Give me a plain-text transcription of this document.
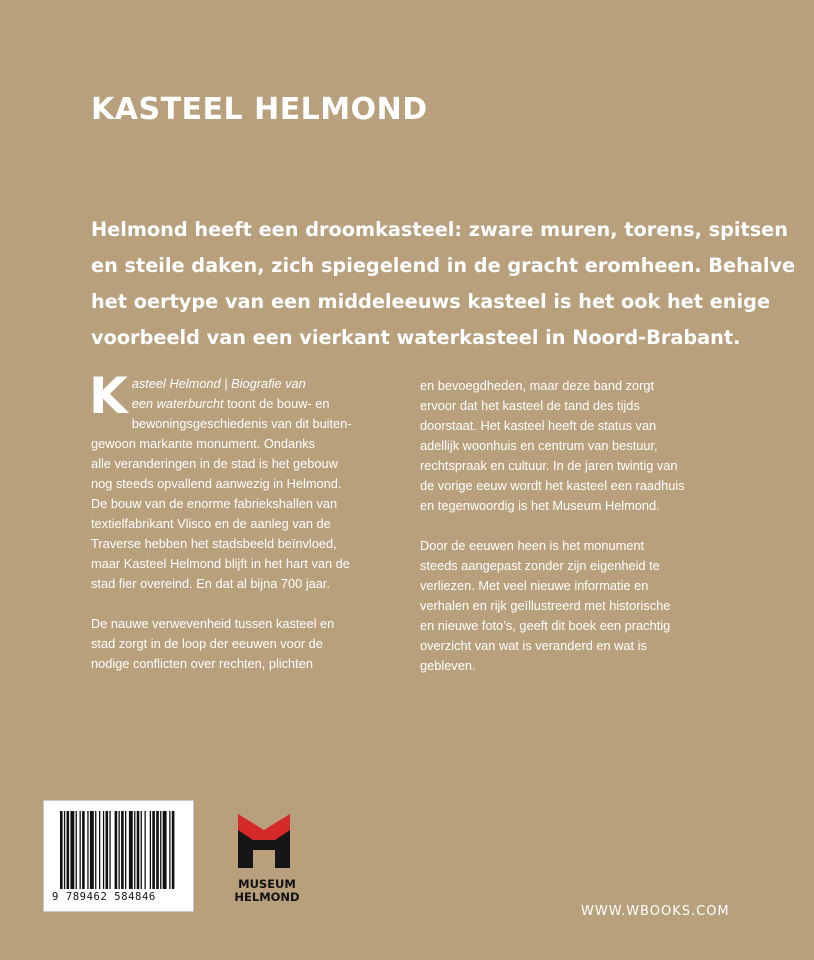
KASTEEL HELMOND
Helmond heeft een droomkasteel: zware muren, torens, spitsen
en steile daken, zich spiegelend in de gracht eromheen. Behalve
het oertype van een middeleeuws kasteel is het ook het enige
voorbeeld van een vierkant waterkasteel in Noord-Brabant.

K asteel Helmond | Biografie van
een waterburcht toont de bouw- en
bewoningsgeschiedenis van dit buiten-
gewoon markante monument. Ondanks
alle veranderingen in de stad is het gebouw
nog steeds opvallend aanwezig in Helmond.
De bouw van de enorme fabriekshallen van
textielfabrikant Vlisco en de aanleg van de
Traverse hebben het stadsbeeld beïnvloed,
maar Kasteel Helmond blijft in het hart van de
stad fier overeind. En dat al bijna 700 jaar.

De nauwe verwevenheid tussen kasteel en
stad zorgt in de loop der eeuwen voor de
nodige conflicten over rechten, plichten

en bevoegdheden, maar deze band zorgt
ervoor dat het kasteel de tand des tijds
doorstaat. Het kasteel heeft de status van
adellijk woonhuis en centrum van bestuur,
rechtspraak en cultuur. In de jaren twintig van
de vorige eeuw wordt het kasteel een raadhuis
en tegenwoordig is het Museum Helmond.

Door de eeuwen heen is het monument
steeds aangepast zonder zijn eigenheid te
verliezen. Met veel nieuwe informatie en
verhalen en rijk geïllustreerd met historische
en nieuwe foto’s, geeft dit boek een prachtig
overzicht van wat is veranderd en wat is
gebleven.

9 789462 584846
MUSEUM
HELMOND
WWW.WBOOKS.COM
